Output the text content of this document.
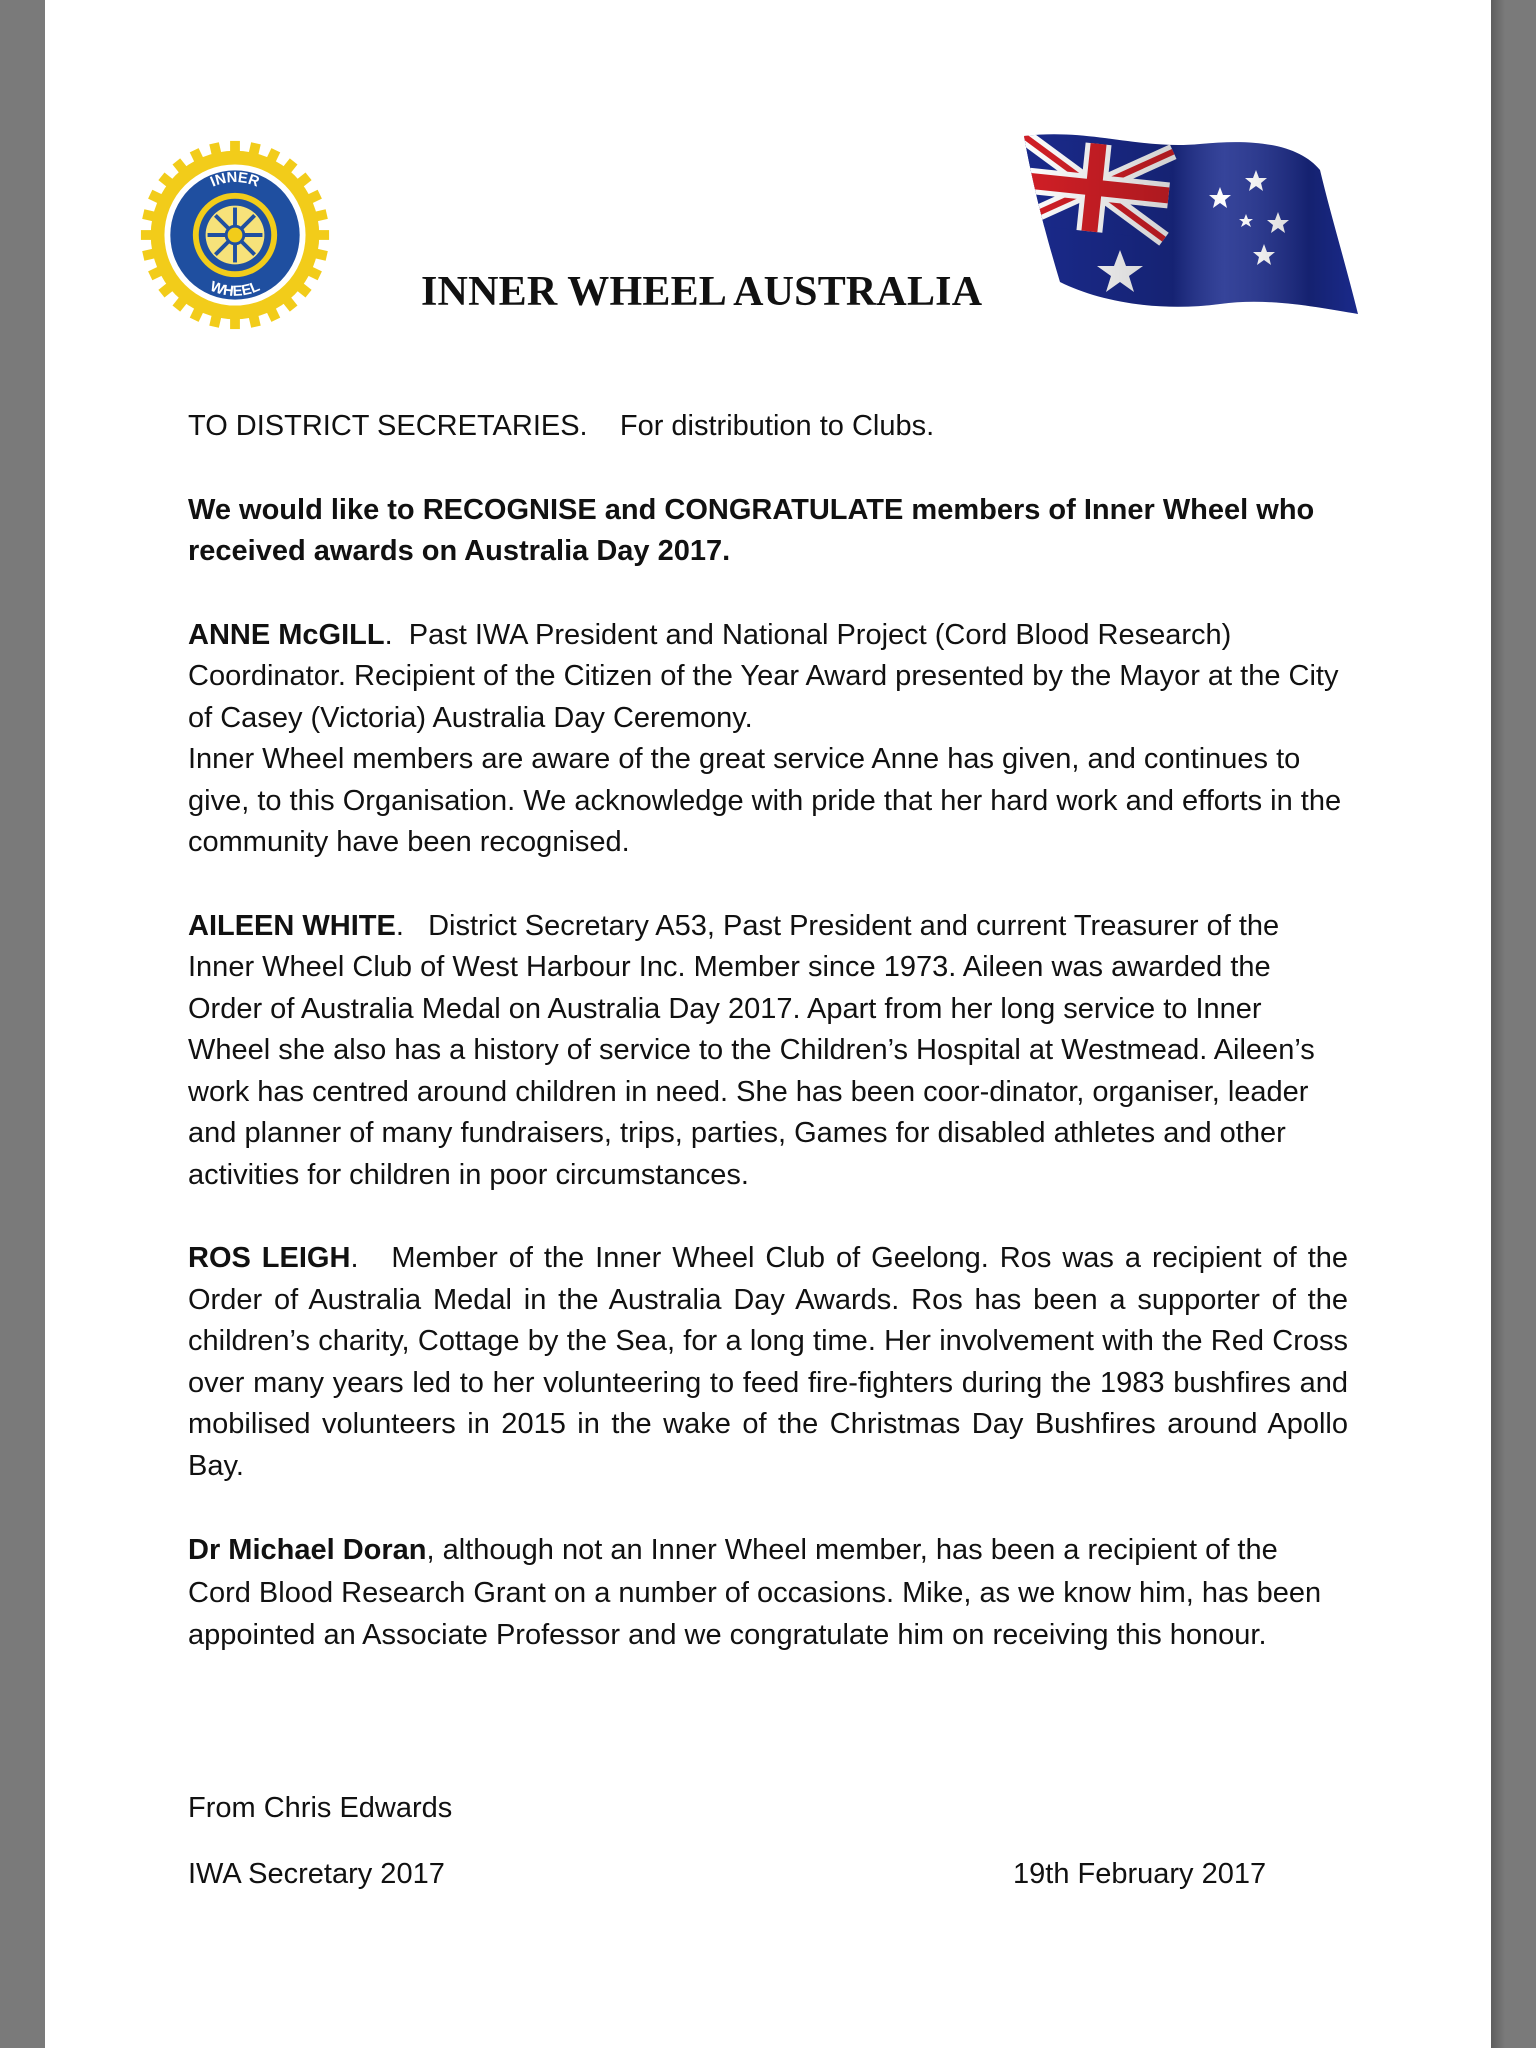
INNER
WHEEL	INNER WHEEL AUSTRALIA

TO DISTRICT SECRETARIES. For distribution to Clubs.

We would like to RECOGNISE and CONGRATULATE members of Inner Wheel who received awards on Australia Day 2017.

ANNE McGILL.  Past IWA President and National Project (Cord Blood Research) Coordinator. Recipient of the Citizen of the Year Award presented by the Mayor at the City of Casey (Victoria) Australia Day Ceremony.

Inner Wheel members are aware of the great service Anne has given, and continues to give, to this Organisation. We acknowledge with pride that her hard work and efforts in the community have been recognised.

AILEEN WHITE.   District Secretary A53, Past President and current Treasurer of the Inner Wheel Club of West Harbour Inc. Member since 1973. Aileen was awarded the Order of Australia Medal on Australia Day 2017. Apart from her long service to Inner Wheel she also has a history of service to the Children’s Hospital at Westmead. Aileen’s work has centred around children in need. She has been coor-dinator, organiser, leader and planner of many fundraisers, trips, parties, Games for disabled athletes and other activities for children in poor circumstances.

ROS LEIGH.   Member of the Inner Wheel Club of Geelong. Ros was a recipient of the Order of Australia Medal in the Australia Day Awards. Ros has been a supporter of the children’s charity, Cottage by the Sea, for a long time. Her involvement with the Red Cross over many years led to her volunteering to feed fire-fighters during the 1983 bushfires and mobilised volunteers in 2015 in the wake of the Christmas Day Bushfires around Apollo Bay.

Dr Michael Doran, although not an Inner Wheel member, has been a recipient of the Cord Blood Research Grant on a number of occasions. Mike, as we know him, has been appointed an Associate Professor and we congratulate him on receiving this honour.

From Chris Edwards
IWA Secretary 2017	19th February 2017
